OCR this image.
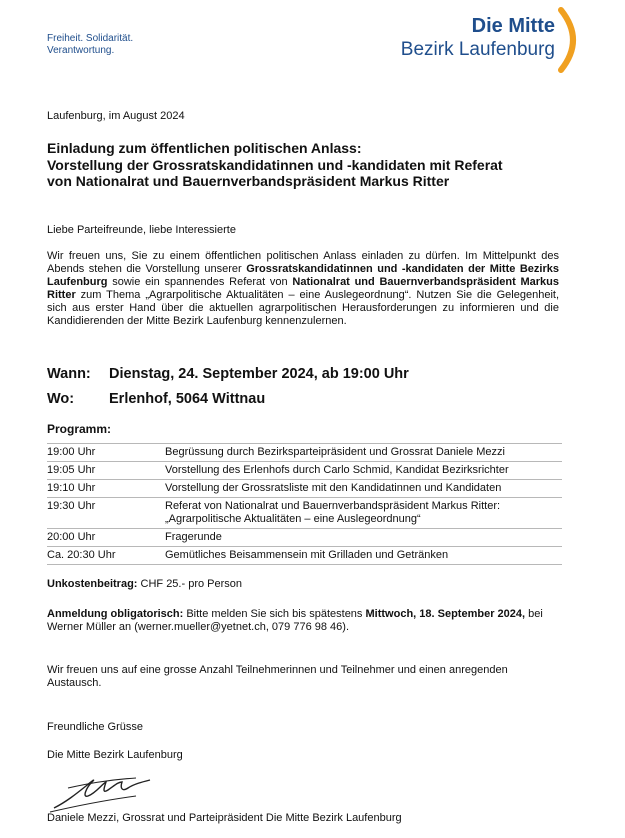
Freiheit. Solidarität.
Verantwortung.
Die Mitte
Bezirk Laufenburg
Laufenburg, im August 2024
Einladung zum öffentlichen politischen Anlass:
Vorstellung der Grossratskandidatinnen und -kandidaten mit Referat
von Nationalrat und Bauernverbandspräsident Markus Ritter
Liebe Parteifreunde, liebe Interessierte
Wir freuen uns, Sie zu einem öffentlichen politischen Anlass einladen zu dürfen. Im Mittelpunkt des Abends stehen die Vorstellung unserer Grossratskandidatinnen und -kandidaten der Mitte Bezirks Laufenburg sowie ein spannendes Referat von Nationalrat und Bauernverbandspräsident Markus Ritter zum Thema „Agrarpolitische Aktualitäten – eine Auslegeordnung“. Nutzen Sie die Gelegenheit, sich aus erster Hand über die aktuellen agrarpolitischen Herausforderungen zu informieren und die Kandidierenden der Mitte Bezirk Laufenburg kennenzulernen.
Wann: Dienstag, 24. September 2024, ab 19:00 Uhr
Wo: Erlenhof, 5064 Wittnau
Programm:
19:00 Uhr	Begrüssung durch Bezirksparteipräsident und Grossrat Daniele Mezzi
19:05 Uhr	Vorstellung des Erlenhofs durch Carlo Schmid, Kandidat Bezirksrichter
19:10 Uhr	Vorstellung der Grossratsliste mit den Kandidatinnen und Kandidaten
19:30 Uhr	Referat von Nationalrat und Bauernverbandspräsident Markus Ritter:
„Agrarpolitische Aktualitäten – eine Auslegeordnung“
20:00 Uhr	Fragerunde
Ca. 20:30 Uhr	Gemütliches Beisammensein mit Grilladen und Getränken
Unkostenbeitrag: CHF 25.- pro Person
Anmeldung obligatorisch: Bitte melden Sie sich bis spätestens Mittwoch, 18. September 2024, bei Werner Müller an (werner.mueller@yetnet.ch, 079 776 98 46).
Wir freuen uns auf eine grosse Anzahl Teilnehmerinnen und Teilnehmer und einen anregenden Austausch.
Freundliche Grüsse
Die Mitte Bezirk Laufenburg
Daniele Mezzi, Grossrat und Parteipräsident Die Mitte Bezirk Laufenburg
